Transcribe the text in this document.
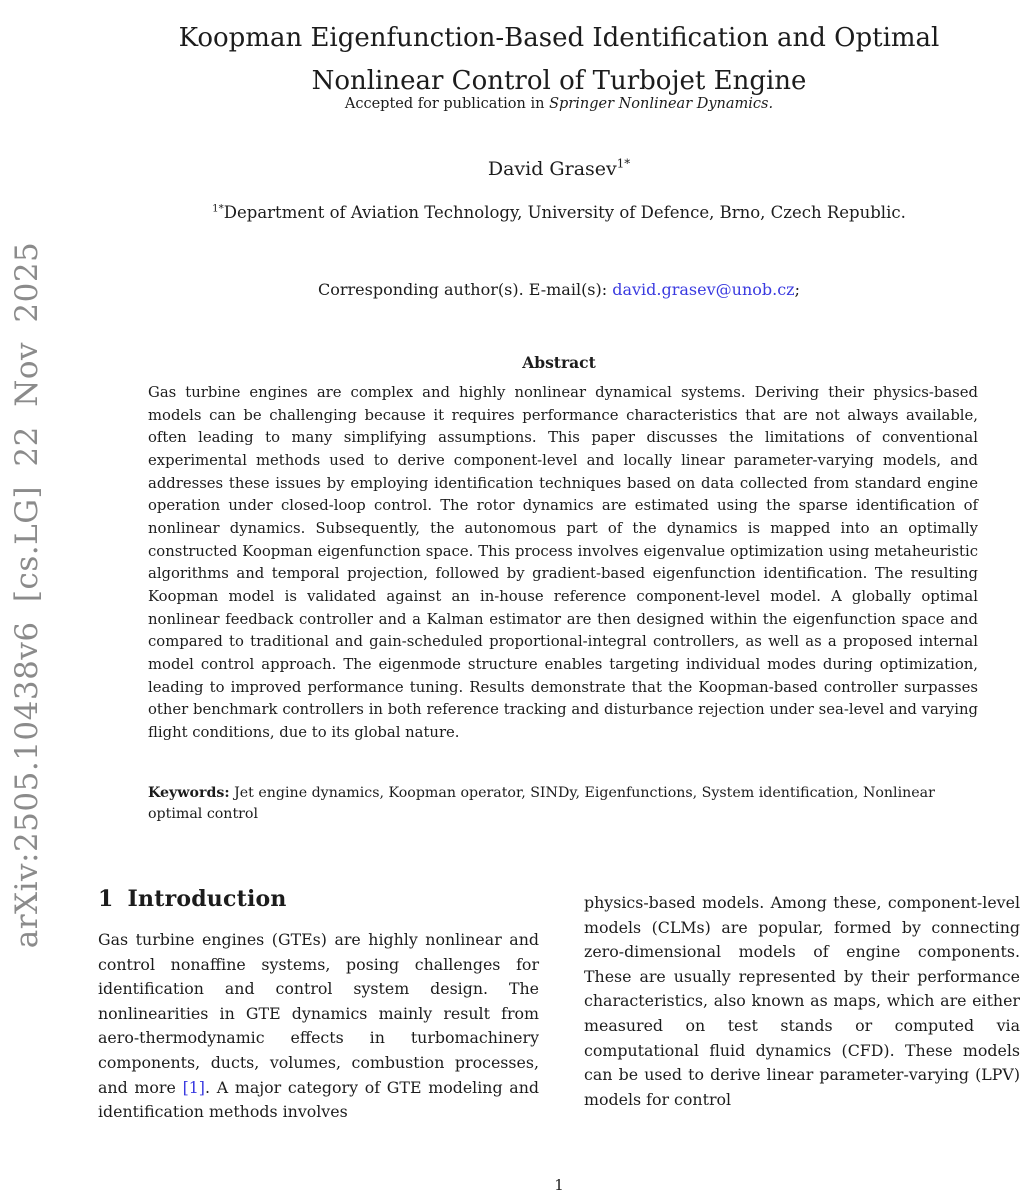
arXiv:2505.10438v6 [cs.LG] 22 Nov 2025
Koopman Eigenfunction-Based Identification and Optimal
Nonlinear Control of Turbojet Engine
Accepted for publication in Springer Nonlinear Dynamics.
David Grasev$^{1*}$
$^{1*}$Department of Aviation Technology, University of Defence, Brno, Czech Republic.
Corresponding author(s). E-mail(s): david.grasev@unob.cz;
Abstract
Gas turbine engines are complex and highly nonlinear dynamical systems. Deriving their physics-based models can be challenging because it requires performance characteristics that are not always available, often leading to many simplifying assumptions. This paper discusses the limitations of conventional experimental methods used to derive component-level and locally linear parameter-varying models, and addresses these issues by employing identification techniques based on data collected from standard engine operation under closed-loop control. The rotor dynamics are estimated using the sparse identification of nonlinear dynamics. Subsequently, the autonomous part of the dynamics is mapped into an optimally constructed Koopman eigenfunction space. This process involves eigenvalue optimization using metaheuristic algorithms and temporal projection, followed by gradient-based eigenfunction identification. The resulting Koopman model is validated against an in-house reference component-level model. A globally optimal nonlinear feedback controller and a Kalman estimator are then designed within the eigenfunction space and compared to traditional and gain-scheduled proportional-integral controllers, as well as a proposed internal model control approach. The eigenmode structure enables targeting individual modes during optimization, leading to improved performance tuning. Results demonstrate that the Koopman-based controller surpasses other benchmark controllers in both reference tracking and disturbance rejection under sea-level and varying flight conditions, due to its global nature.
Keywords: Jet engine dynamics, Koopman operator, SINDy, Eigenfunctions, System identification, Nonlinear optimal control
1 Introduction
Gas turbine engines (GTEs) are highly nonlinear and control nonaffine systems, posing challenges for identification and control system design. The nonlinearities in GTE dynamics mainly result from aero-thermodynamic effects in turbomachinery components, ducts, volumes, combustion processes, and more [1]. A major category of GTE modeling and identification methods involves
physics-based models. Among these, component-level models (CLMs) are popular, formed by connecting zero-dimensional models of engine components. These are usually represented by their performance characteristics, also known as maps, which are either measured on test stands or computed via computational fluid dynamics (CFD). These models can be used to derive linear parameter-varying (LPV) models for control
1
